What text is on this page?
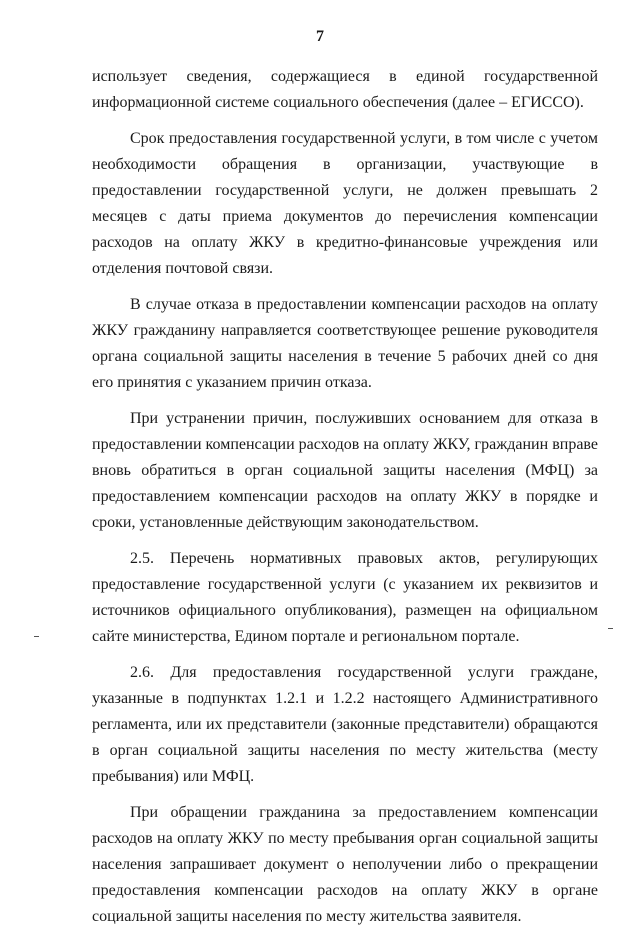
7

использует сведения, содержащиеся в единой государственной информационной системе социального обеспечения (далее – ЕГИССО).

Срок предоставления государственной услуги, в том числе с учетом необходимости обращения в организации, участвующие в предоставлении государственной услуги, не должен превышать 2 месяцев с даты приема документов до перечисления компенсации расходов на оплату ЖКУ в кредитно-финансовые учреждения или отделения почтовой связи.

В случае отказа в предоставлении компенсации расходов на оплату ЖКУ гражданину направляется соответствующее решение руководителя органа социальной защиты населения в течение 5 рабочих дней со дня его принятия с указанием причин отказа.

При устранении причин, послуживших основанием для отказа в предоставлении компенсации расходов на оплату ЖКУ, гражданин вправе вновь обратиться в орган социальной защиты населения (МФЦ) за предоставлением компенсации расходов на оплату ЖКУ в порядке и сроки, установленные действующим законодательством.

2.5. Перечень нормативных правовых актов, регулирующих предоставление государственной услуги (с указанием их реквизитов и источников официального опубликования), размещен на официальном сайте министерства, Едином портале и региональном портале.

2.6. Для предоставления государственной услуги граждане, указанные в подпунктах 1.2.1 и 1.2.2 настоящего Административного регламента, или их представители (законные представители) обращаются в орган социальной защиты населения по месту жительства (месту пребывания) или МФЦ.

При обращении гражданина за предоставлением компенсации расходов на оплату ЖКУ по месту пребывания орган социальной защиты населения запрашивает документ о неполучении либо о прекращении предоставления компенсации расходов на оплату ЖКУ в органе социальной защиты населения по месту жительства заявителя.
